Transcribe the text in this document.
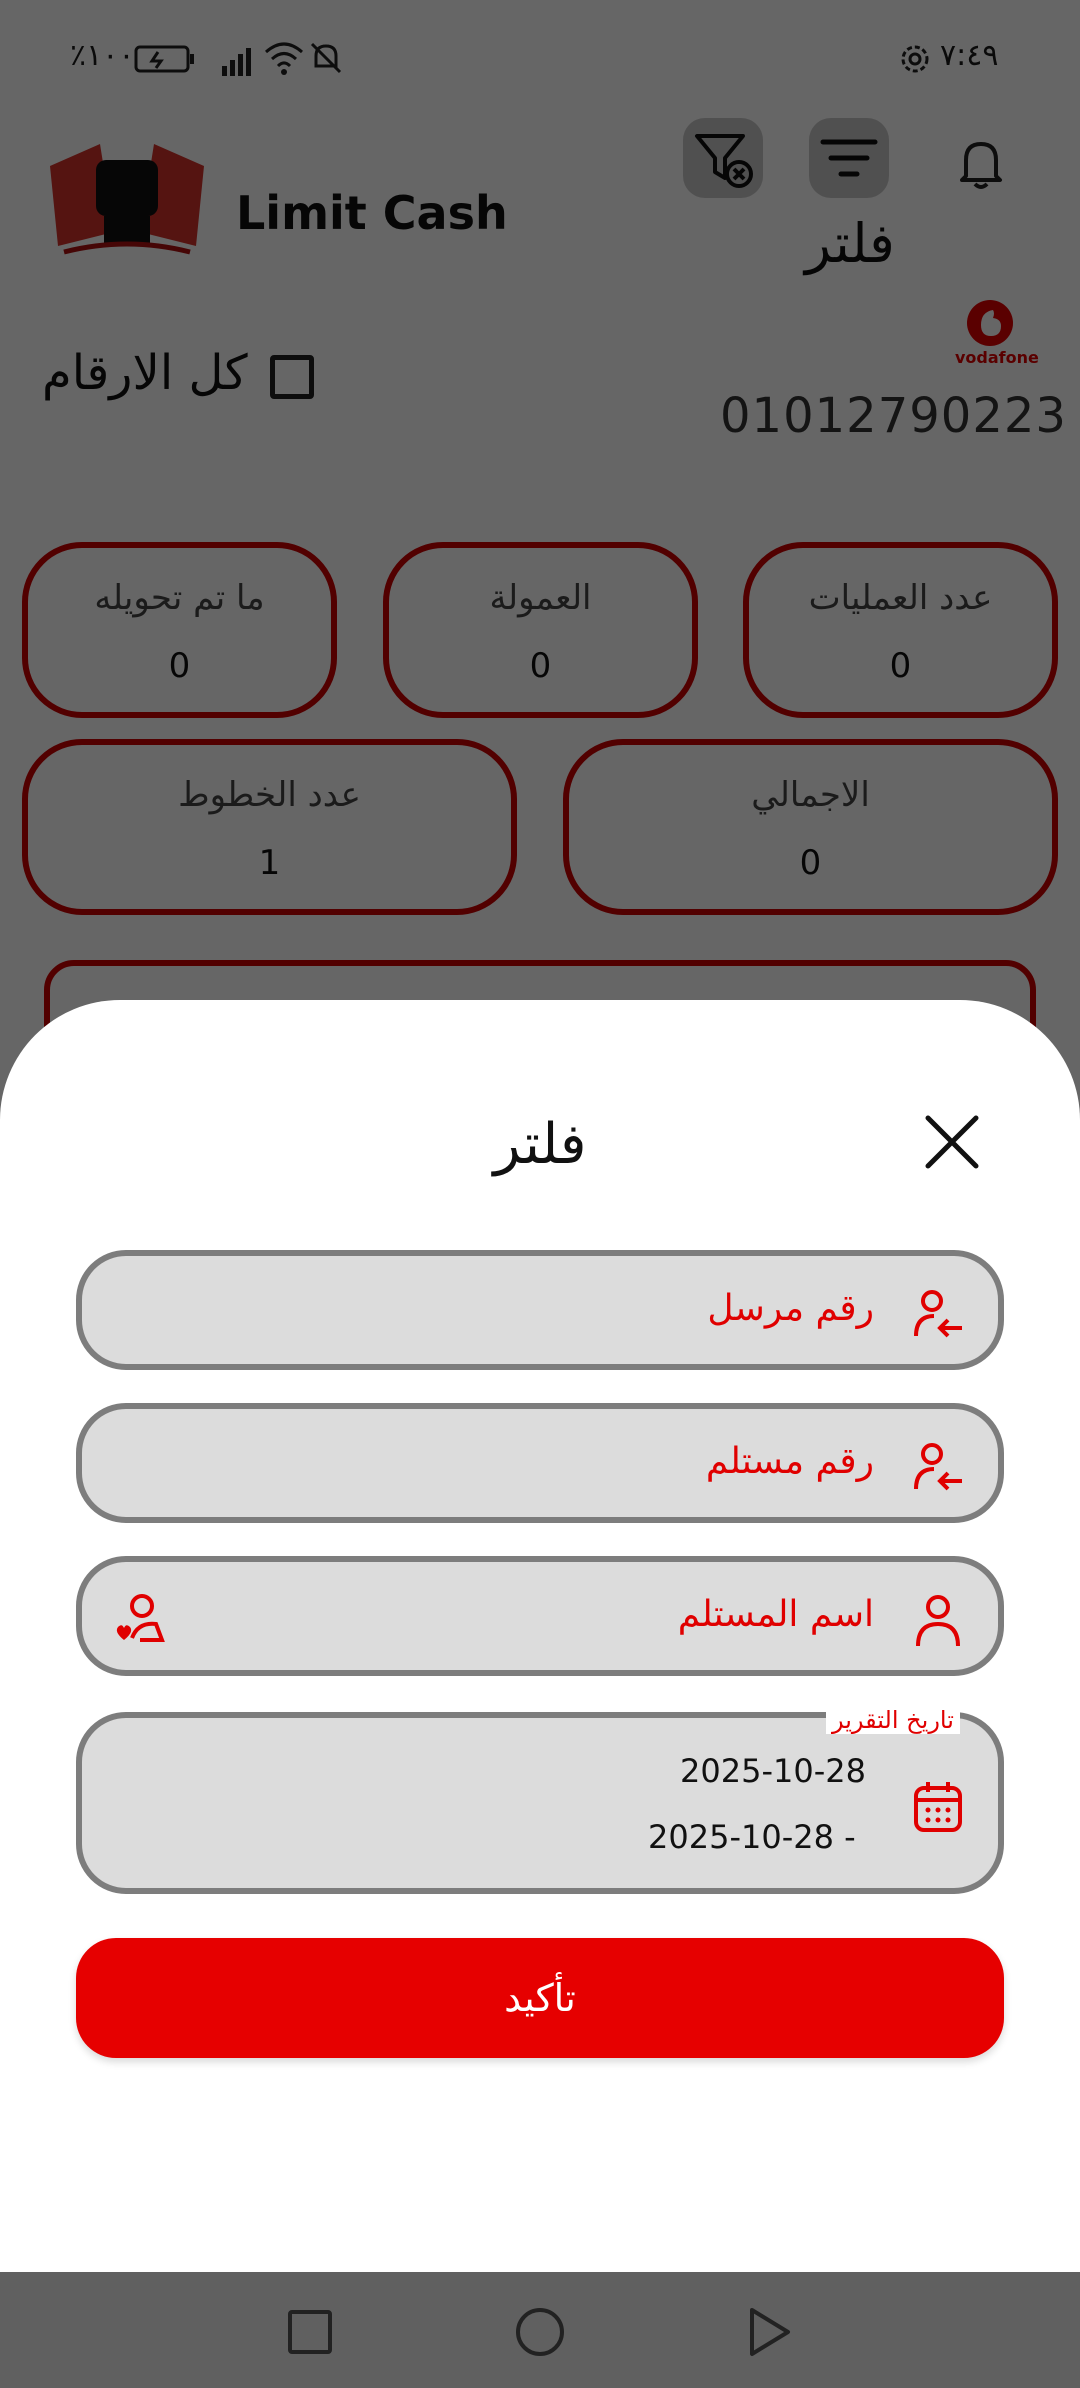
فلتر
رقم مرسل
رقم مستلم
اسم المستلم
تاريخ التقرير
2025-10-28
2025-10-28 -
تأكيد
